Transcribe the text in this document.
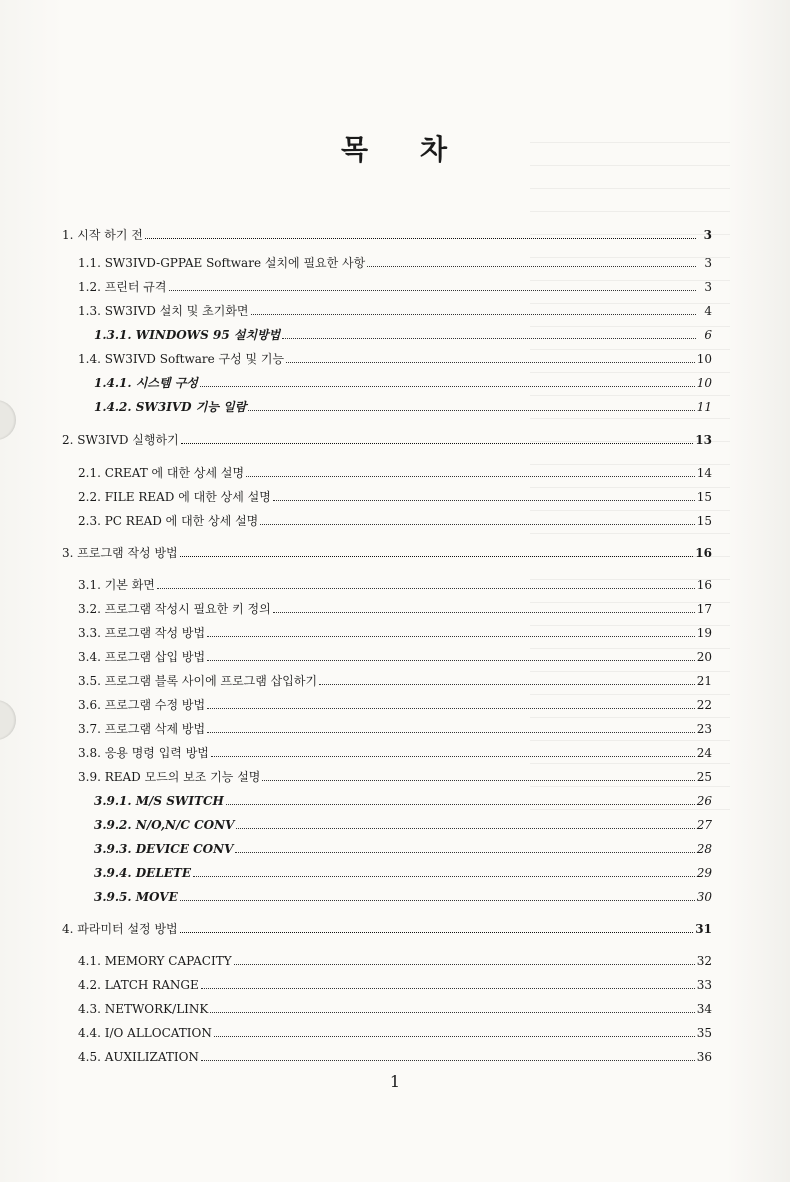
목 차
1. 시작 하기 전	3
1.1. SW3IVD-GPPAE Software 설치에 필요한 사항	3
1.2. 프린터 규격	3
1.3. SW3IVD 설치 및 초기화면	4
1.3.1. WINDOWS 95 설치방법	6
1.4. SW3IVD Software 구성 및 기능	10
1.4.1. 시스템 구성	10
1.4.2. SW3IVD 기능 일람	11
2. SW3IVD 실행하기	13
2.1. CREAT 에 대한 상세 설명	14
2.2. FILE READ 에 대한 상세 설명	15
2.3. PC READ 에 대한 상세 설명	15
3. 프로그램 작성 방법	16
3.1. 기본 화면	16
3.2. 프로그램 작성시 필요한 키 정의	17
3.3. 프로그램 작성 방법	19
3.4. 프로그램 삽입 방법	20
3.5. 프로그램 블록 사이에 프로그램 삽입하기	21
3.6. 프로그램 수정 방법	22
3.7. 프로그램 삭제 방법	23
3.8. 응용 명령 입력 방법	24
3.9. READ 모드의 보조 기능 설명	25
3.9.1. M/S SWITCH	26
3.9.2. N/O,N/C CONV	27
3.9.3. DEVICE CONV	28
3.9.4. DELETE	29
3.9.5. MOVE	30
4. 파라미터 설정 방법	31
4.1. MEMORY CAPACITY	32
4.2. LATCH RANGE	33
4.3. NETWORK/LINK	34
4.4. I/O ALLOCATION	35
4.5. AUXILIZATION	36
1
